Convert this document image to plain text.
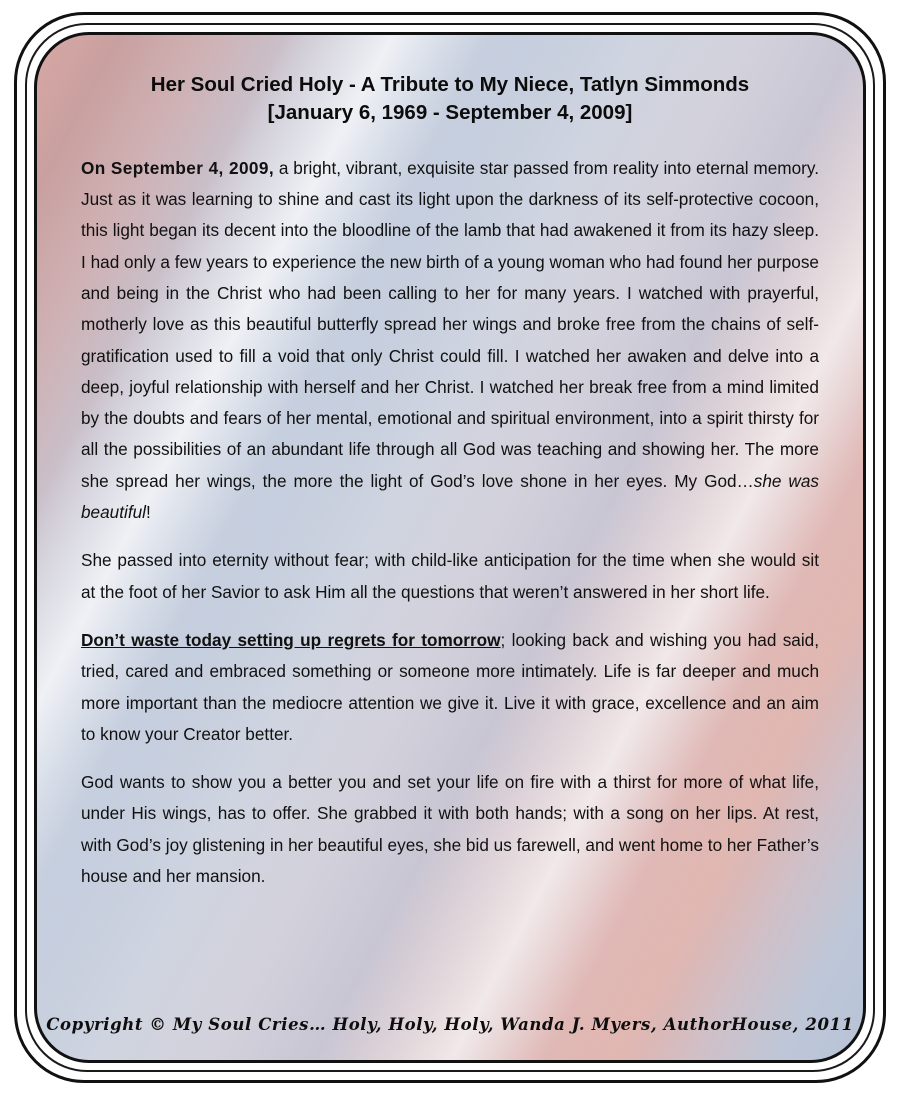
Her Soul Cried Holy - A Tribute to My Niece, Tatlyn Simmonds
[January 6, 1969 - September 4, 2009]

On September 4, 2009, a bright, vibrant, exquisite star passed from reality into eternal memory. Just as it was learning to shine and cast its light upon the darkness of its self-protective cocoon, this light began its decent into the bloodline of the lamb that had awakened it from its hazy sleep. I had only a few years to experience the new birth of a young woman who had found her purpose and being in the Christ who had been calling to her for many years. I watched with prayerful, motherly love as this beautiful butterfly spread her wings and broke free from the chains of self-gratification used to fill a void that only Christ could fill. I watched her awaken and delve into a deep, joyful relationship with herself and her Christ. I watched her break free from a mind limited by the doubts and fears of her mental, emotional and spiritual environment, into a spirit thirsty for all the possibilities of an abundant life through all God was teaching and showing her. The more she spread her wings, the more the light of God’s love shone in her eyes. My God…she was beautiful!

She passed into eternity without fear; with child-like anticipation for the time when she would sit at the foot of her Savior to ask Him all the questions that weren’t answered in her short life.

Don’t waste today setting up regrets for tomorrow; looking back and wishing you had said, tried, cared and embraced something or someone more intimately. Life is far deeper and much more important than the mediocre attention we give it. Live it with grace, excellence and an aim to know your Creator better.

God wants to show you a better you and set your life on fire with a thirst for more of what life, under His wings, has to offer. She grabbed it with both hands; with a song on her lips. At rest, with God’s joy glistening in her beautiful eyes, she bid us farewell, and went home to her Father’s house and her mansion.

Copyright © My Soul Cries… Holy, Holy, Holy, Wanda J. Myers, AuthorHouse, 2011
